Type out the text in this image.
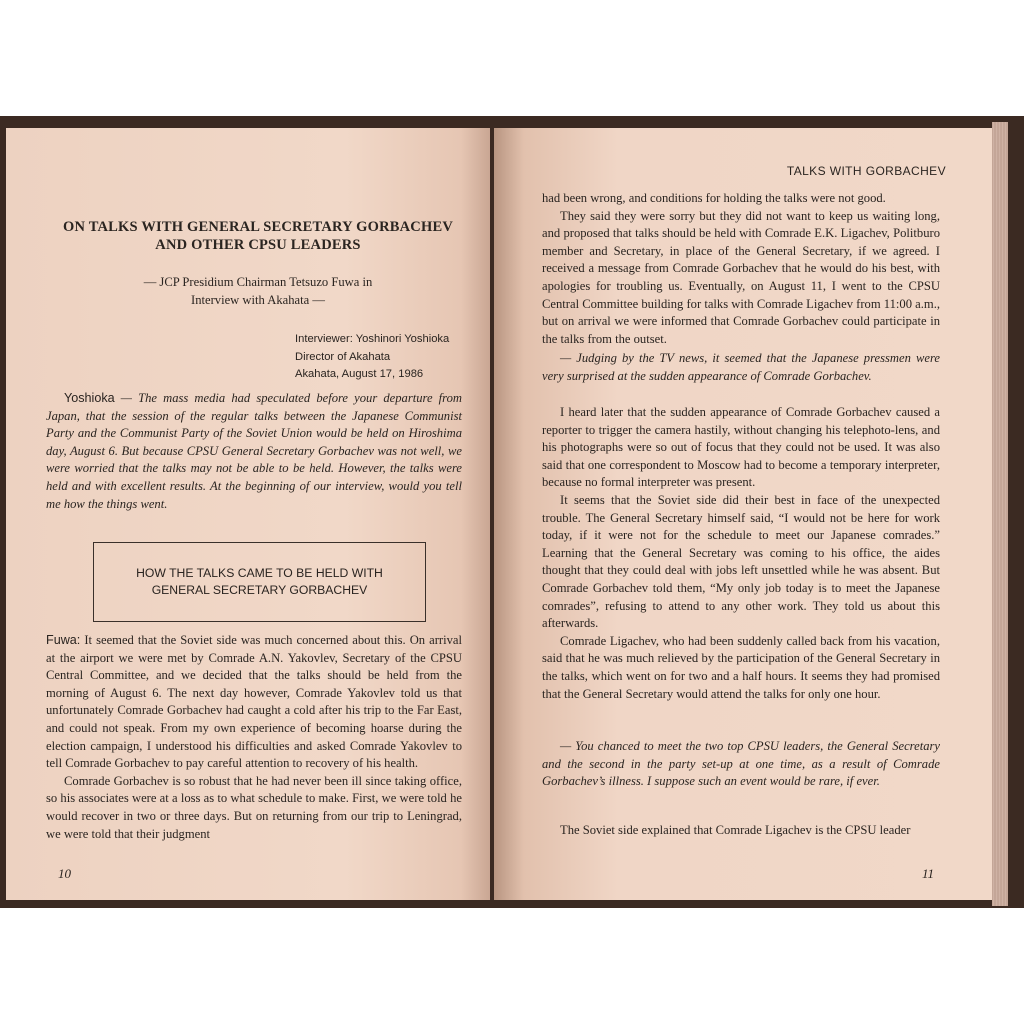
ON TALKS WITH GENERAL SECRETARY GORBACHEV
AND OTHER CPSU LEADERS
— JCP Presidium Chairman Tetsuzo Fuwa in
Interview with Akahata —
Interviewer: Yoshinori Yoshioka
Director of Akahata
Akahata, August 17, 1986

Yoshioka — The mass media had speculated before your departure from Japan, that the session of the regular talks between the Japanese Communist Party and the Communist Party of the Soviet Union would be held on Hiroshima day, August 6. But because CPSU General Secretary Gorbachev was not well, we were worried that the talks may not be able to be held. However, the talks were held and with excellent results. At the beginning of our interview, would you tell me how the things went.

HOW THE TALKS CAME TO BE HELD WITH
GENERAL SECRETARY GORBACHEV

Fuwa: It seemed that the Soviet side was much concerned about this. On arrival at the airport we were met by Comrade A.N. Yakovlev, Secretary of the CPSU Central Committee, and we decided that the talks should be held from the morning of August 6. The next day however, Comrade Yakovlev told us that unfortunately Comrade Gorbachev had caught a cold after his trip to the Far East, and could not speak. From my own experience of becoming hoarse during the election campaign, I understood his difficulties and asked Comrade Yakovlev to tell Comrade Gorbachev to pay careful attention to recovery of his health.

Comrade Gorbachev is so robust that he had never been ill since taking office, so his associates were at a loss as to what schedule to make. First, we were told he would recover in two or three days. But on returning from our trip to Leningrad, we were told that their judgment

10
TALKS WITH GORBACHEV

had been wrong, and conditions for holding the talks were not good.

They said they were sorry but they did not want to keep us waiting long, and proposed that talks should be held with Comrade E.K. Ligachev, Politburo member and Secretary, in place of the General Secretary, if we agreed. I received a message from Comrade Gorbachev that he would do his best, with apologies for troubling us. Eventually, on August 11, I went to the CPSU Central Committee building for talks with Comrade Ligachev from 11:00 a.m., but on arrival we were informed that Comrade Gorbachev could participate in the talks from the outset.

— Judging by the TV news, it seemed that the Japanese pressmen were very surprised at the sudden appearance of Comrade Gorbachev.

I heard later that the sudden appearance of Comrade Gorbachev caused a reporter to trigger the camera hastily, without changing his telephoto-lens, and his photographs were so out of focus that they could not be used. It was also said that one correspondent to Moscow had to become a temporary interpreter, because no formal interpreter was present.

It seems that the Soviet side did their best in face of the unexpected trouble. The General Secretary himself said, “I would not be here for work today, if it were not for the schedule to meet our Japanese comrades.” Learning that the General Secretary was coming to his office, the aides thought that they could deal with jobs left unsettled while he was absent. But Comrade Gorbachev told them, “My only job today is to meet the Japanese comrades”, refusing to attend to any other work. They told us about this afterwards.

Comrade Ligachev, who had been suddenly called back from his vacation, said that he was much relieved by the participation of the General Secretary in the talks, which went on for two and a half hours. It seems they had promised that the General Secretary would attend the talks for only one hour.

— You chanced to meet the two top CPSU leaders, the General Secretary and the second in the party set-up at one time, as a result of Comrade Gorbachev’s illness. I suppose such an event would be rare, if ever.

The Soviet side explained that Comrade Ligachev is the CPSU leader

11
